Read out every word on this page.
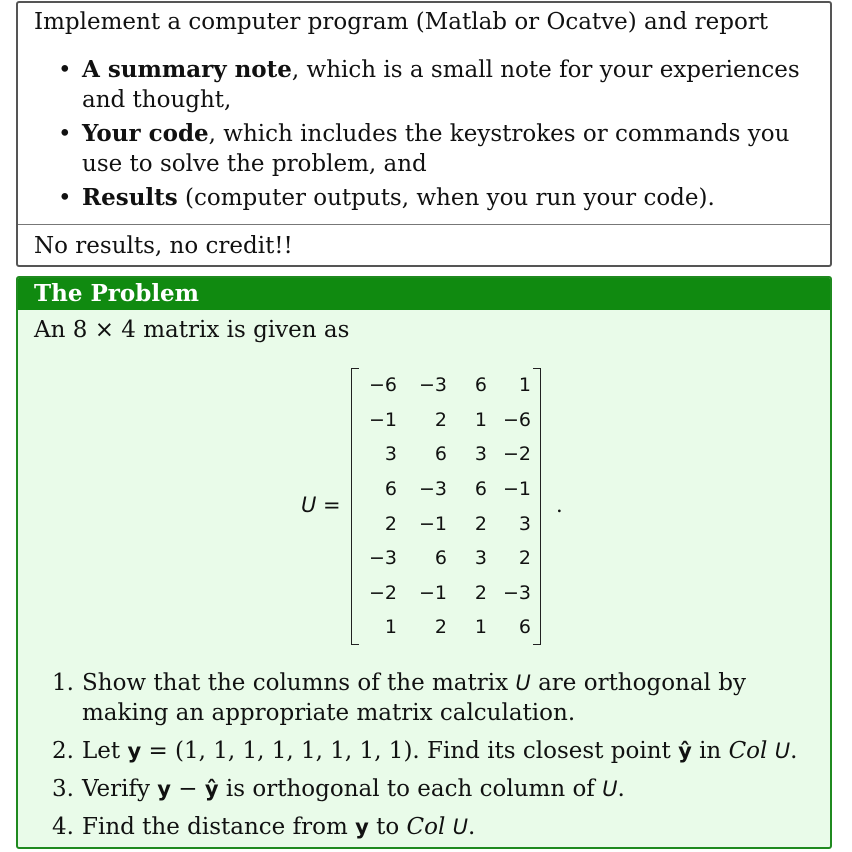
Implement a computer program (Matlab or Ocatve) and report
• A summary note, which is a small note for your experiences and thought,
• Your code, which includes the keystrokes or commands you use to solve the problem, and
• Results (computer outputs, when you run your code).
No results, no credit!!
The Problem
An 8 × 4 matrix is given as
U =
−6	−3	6	1
−1	2	1	−6
3	6	3	−2
6	−3	6	−1
2	−1	2	3
−3	6	3	2
−2	−1	2	−3
1	2	1	6
.
1. Show that the columns of the matrix U are orthogonal by making an appropriate matrix calculation.
2. Let y = (1, 1, 1, 1, 1, 1, 1, 1). Find its closest point ŷ in Col U.
3. Verify y − ŷ is orthogonal to each column of U.
4. Find the distance from y to Col U.
